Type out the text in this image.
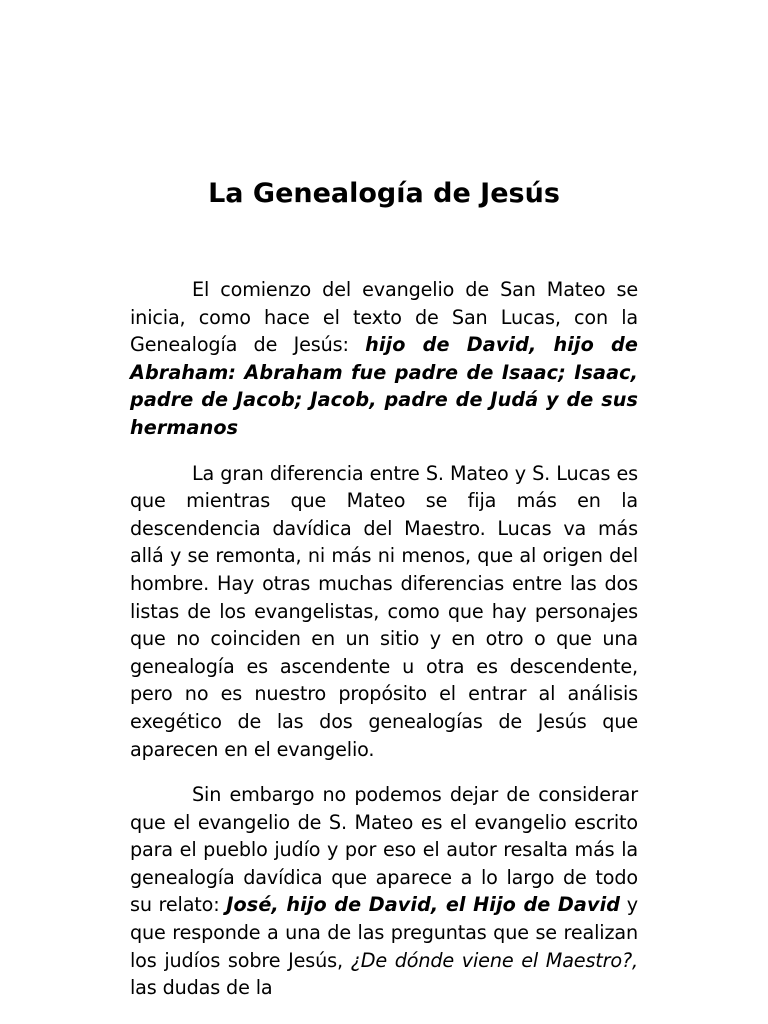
La Genealogía de Jesús

El comienzo del evangelio de San Mateo se inicia, como hace el texto de San Lucas, con la Genealogía de Jesús: hijo de David, hijo de Abraham: Abraham fue padre de Isaac; Isaac, padre de Jacob; Jacob, padre de Judá y de sus hermanos

La gran diferencia entre S. Mateo y S. Lucas es que mientras que Mateo se fija más en la descendencia davídica del Maestro. Lucas va más allá y se remonta, ni más ni menos, que al origen del hombre. Hay otras muchas diferencias entre las dos listas de los evangelistas, como que hay personajes que no coinciden en un sitio y en otro o que una genealogía es ascendente u otra es descendente, pero no es nuestro propósito el entrar al análisis exegético de las dos genealogías de Jesús que aparecen en el evangelio.

Sin embargo no podemos dejar de considerar que el evangelio de S. Mateo es el evangelio escrito para el pueblo judío y por eso el autor resalta más la genealogía davídica que aparece a lo largo de todo su relato: José, hijo de David, el Hijo de David y que responde a una de las preguntas que se realizan los judíos sobre Jesús, ¿De dónde viene el Maestro?, las dudas de la
